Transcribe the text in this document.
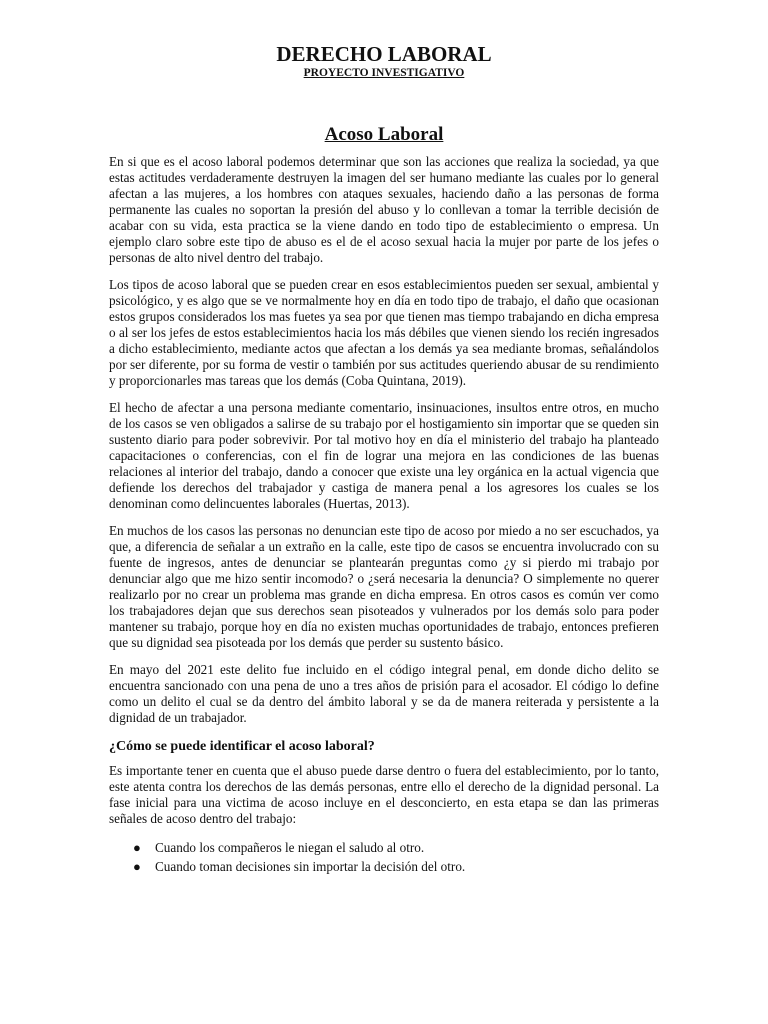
DERECHO LABORAL
PROYECTO INVESTIGATIVO
Acoso Laboral

En si que es el acoso laboral podemos determinar que son las acciones que realiza la sociedad, ya que estas actitudes verdaderamente destruyen la imagen del ser humano mediante las cuales por lo general afectan a las mujeres, a los hombres con ataques sexuales, haciendo daño a las personas de forma permanente las cuales no soportan la presión del abuso y lo conllevan a tomar la terrible decisión de acabar con su vida, esta practica se la viene dando en todo tipo de establecimiento o empresa. Un ejemplo claro sobre este tipo de abuso es el de el acoso sexual hacia la mujer por parte de los jefes o personas de alto nivel dentro del trabajo.

Los tipos de acoso laboral que se pueden crear en esos establecimientos pueden ser sexual, ambiental y psicológico, y es algo que se ve normalmente hoy en día en todo tipo de trabajo, el daño que ocasionan estos grupos considerados los mas fuetes ya sea por que tienen mas tiempo trabajando en dicha empresa o al ser los jefes de estos establecimientos hacia los más débiles que vienen siendo los recién ingresados a dicho establecimiento, mediante actos que afectan a los demás ya sea mediante bromas, señalándolos por ser diferente, por su forma de vestir o también por sus actitudes queriendo abusar de su rendimiento y proporcionarles mas tareas que los demás (Coba Quintana, 2019).

El hecho de afectar a una persona mediante comentario, insinuaciones, insultos entre otros, en mucho de los casos se ven obligados a salirse de su trabajo por el hostigamiento sin importar que se queden sin sustento diario para poder sobrevivir. Por tal motivo hoy en día el ministerio del trabajo ha planteado capacitaciones o conferencias, con el fin de lograr una mejora en las condiciones de las buenas relaciones al interior del trabajo, dando a conocer que existe una ley orgánica en la actual vigencia que defiende los derechos del trabajador y castiga de manera penal a los agresores los cuales se los denominan como delincuentes laborales (Huertas, 2013).

En muchos de los casos las personas no denuncian este tipo de acoso por miedo a no ser escuchados, ya que, a diferencia de señalar a un extraño en la calle, este tipo de casos se encuentra involucrado con su fuente de ingresos, antes de denunciar se plantearán preguntas como ¿y si pierdo mi trabajo por denunciar algo que me hizo sentir incomodo? o ¿será necesaria la denuncia? O simplemente no querer realizarlo por no crear un problema mas grande en dicha empresa. En otros casos es común ver como los trabajadores dejan que sus derechos sean pisoteados y vulnerados por los demás solo para poder mantener su trabajo, porque hoy en día no existen muchas oportunidades de trabajo, entonces prefieren que su dignidad sea pisoteada por los demás que perder su sustento básico.

En mayo del 2021 este delito fue incluido en el código integral penal, em donde dicho delito se encuentra sancionado con una pena de uno a tres años de prisión para el acosador. El código lo define como un delito el cual se da dentro del ámbito laboral y se da de manera reiterada y persistente a la dignidad de un trabajador.

¿Cómo se puede identificar el acoso laboral?

Es importante tener en cuenta que el abuso puede darse dentro o fuera del establecimiento, por lo tanto, este atenta contra los derechos de las demás personas, entre ello el derecho de la dignidad personal. La fase inicial para una victima de acoso incluye en el desconcierto, en esta etapa se dan las primeras señales de acoso dentro del trabajo:

● Cuando los compañeros le niegan el saludo al otro.
● Cuando toman decisiones sin importar la decisión del otro.
